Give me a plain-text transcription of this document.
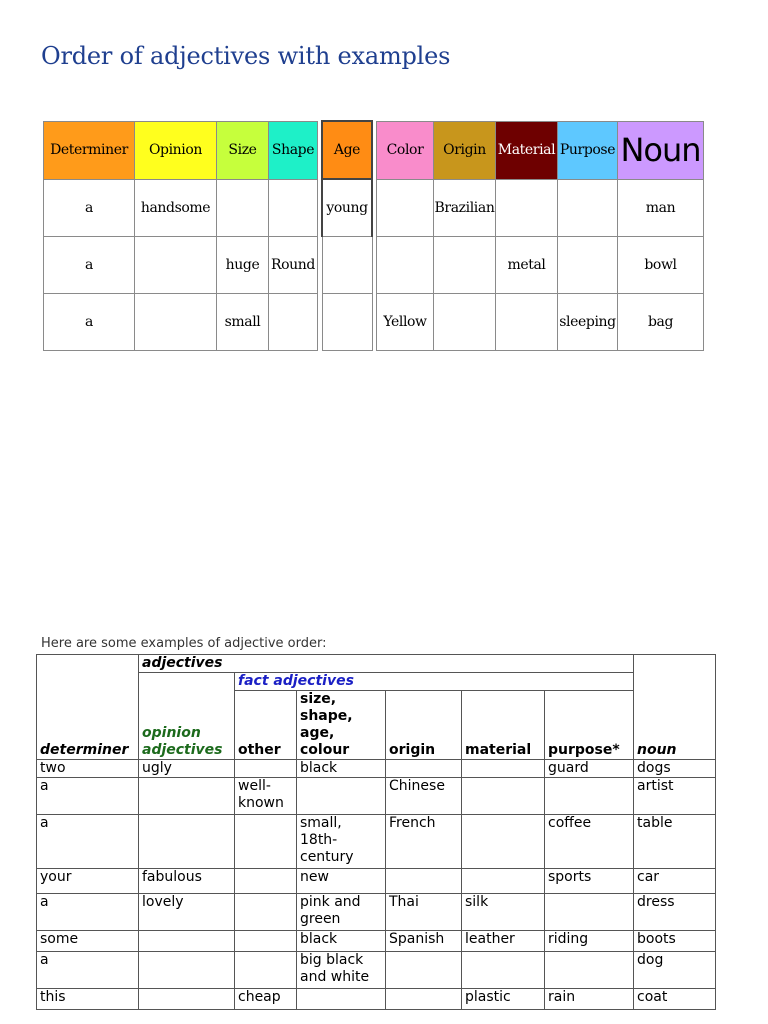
Order of adjectives with examples
Determiner	Opinion	Size	Shape		Age		Color	Origin	Material	Purpose	Noun
a	handsome				young			Brazilian			man
a		huge	Round						metal		bowl
a		small					Yellow			sleeping	bag

Here are some examples of adjective order:

determiner	adjectives						noun
	opinion adjectives	fact adjectives					
		other	size, shape, age, colour	origin	material	purpose*	
two	ugly		black			guard	dogs
a		well-known		Chinese			artist
a			small, 18th-century	French		coffee	table
your	fabulous		new			sports	car
a	lovely		pink and green	Thai	silk		dress
some			black	Spanish	leather	riding	boots
a			big black and white				dog
this		cheap			plastic	rain	coat
